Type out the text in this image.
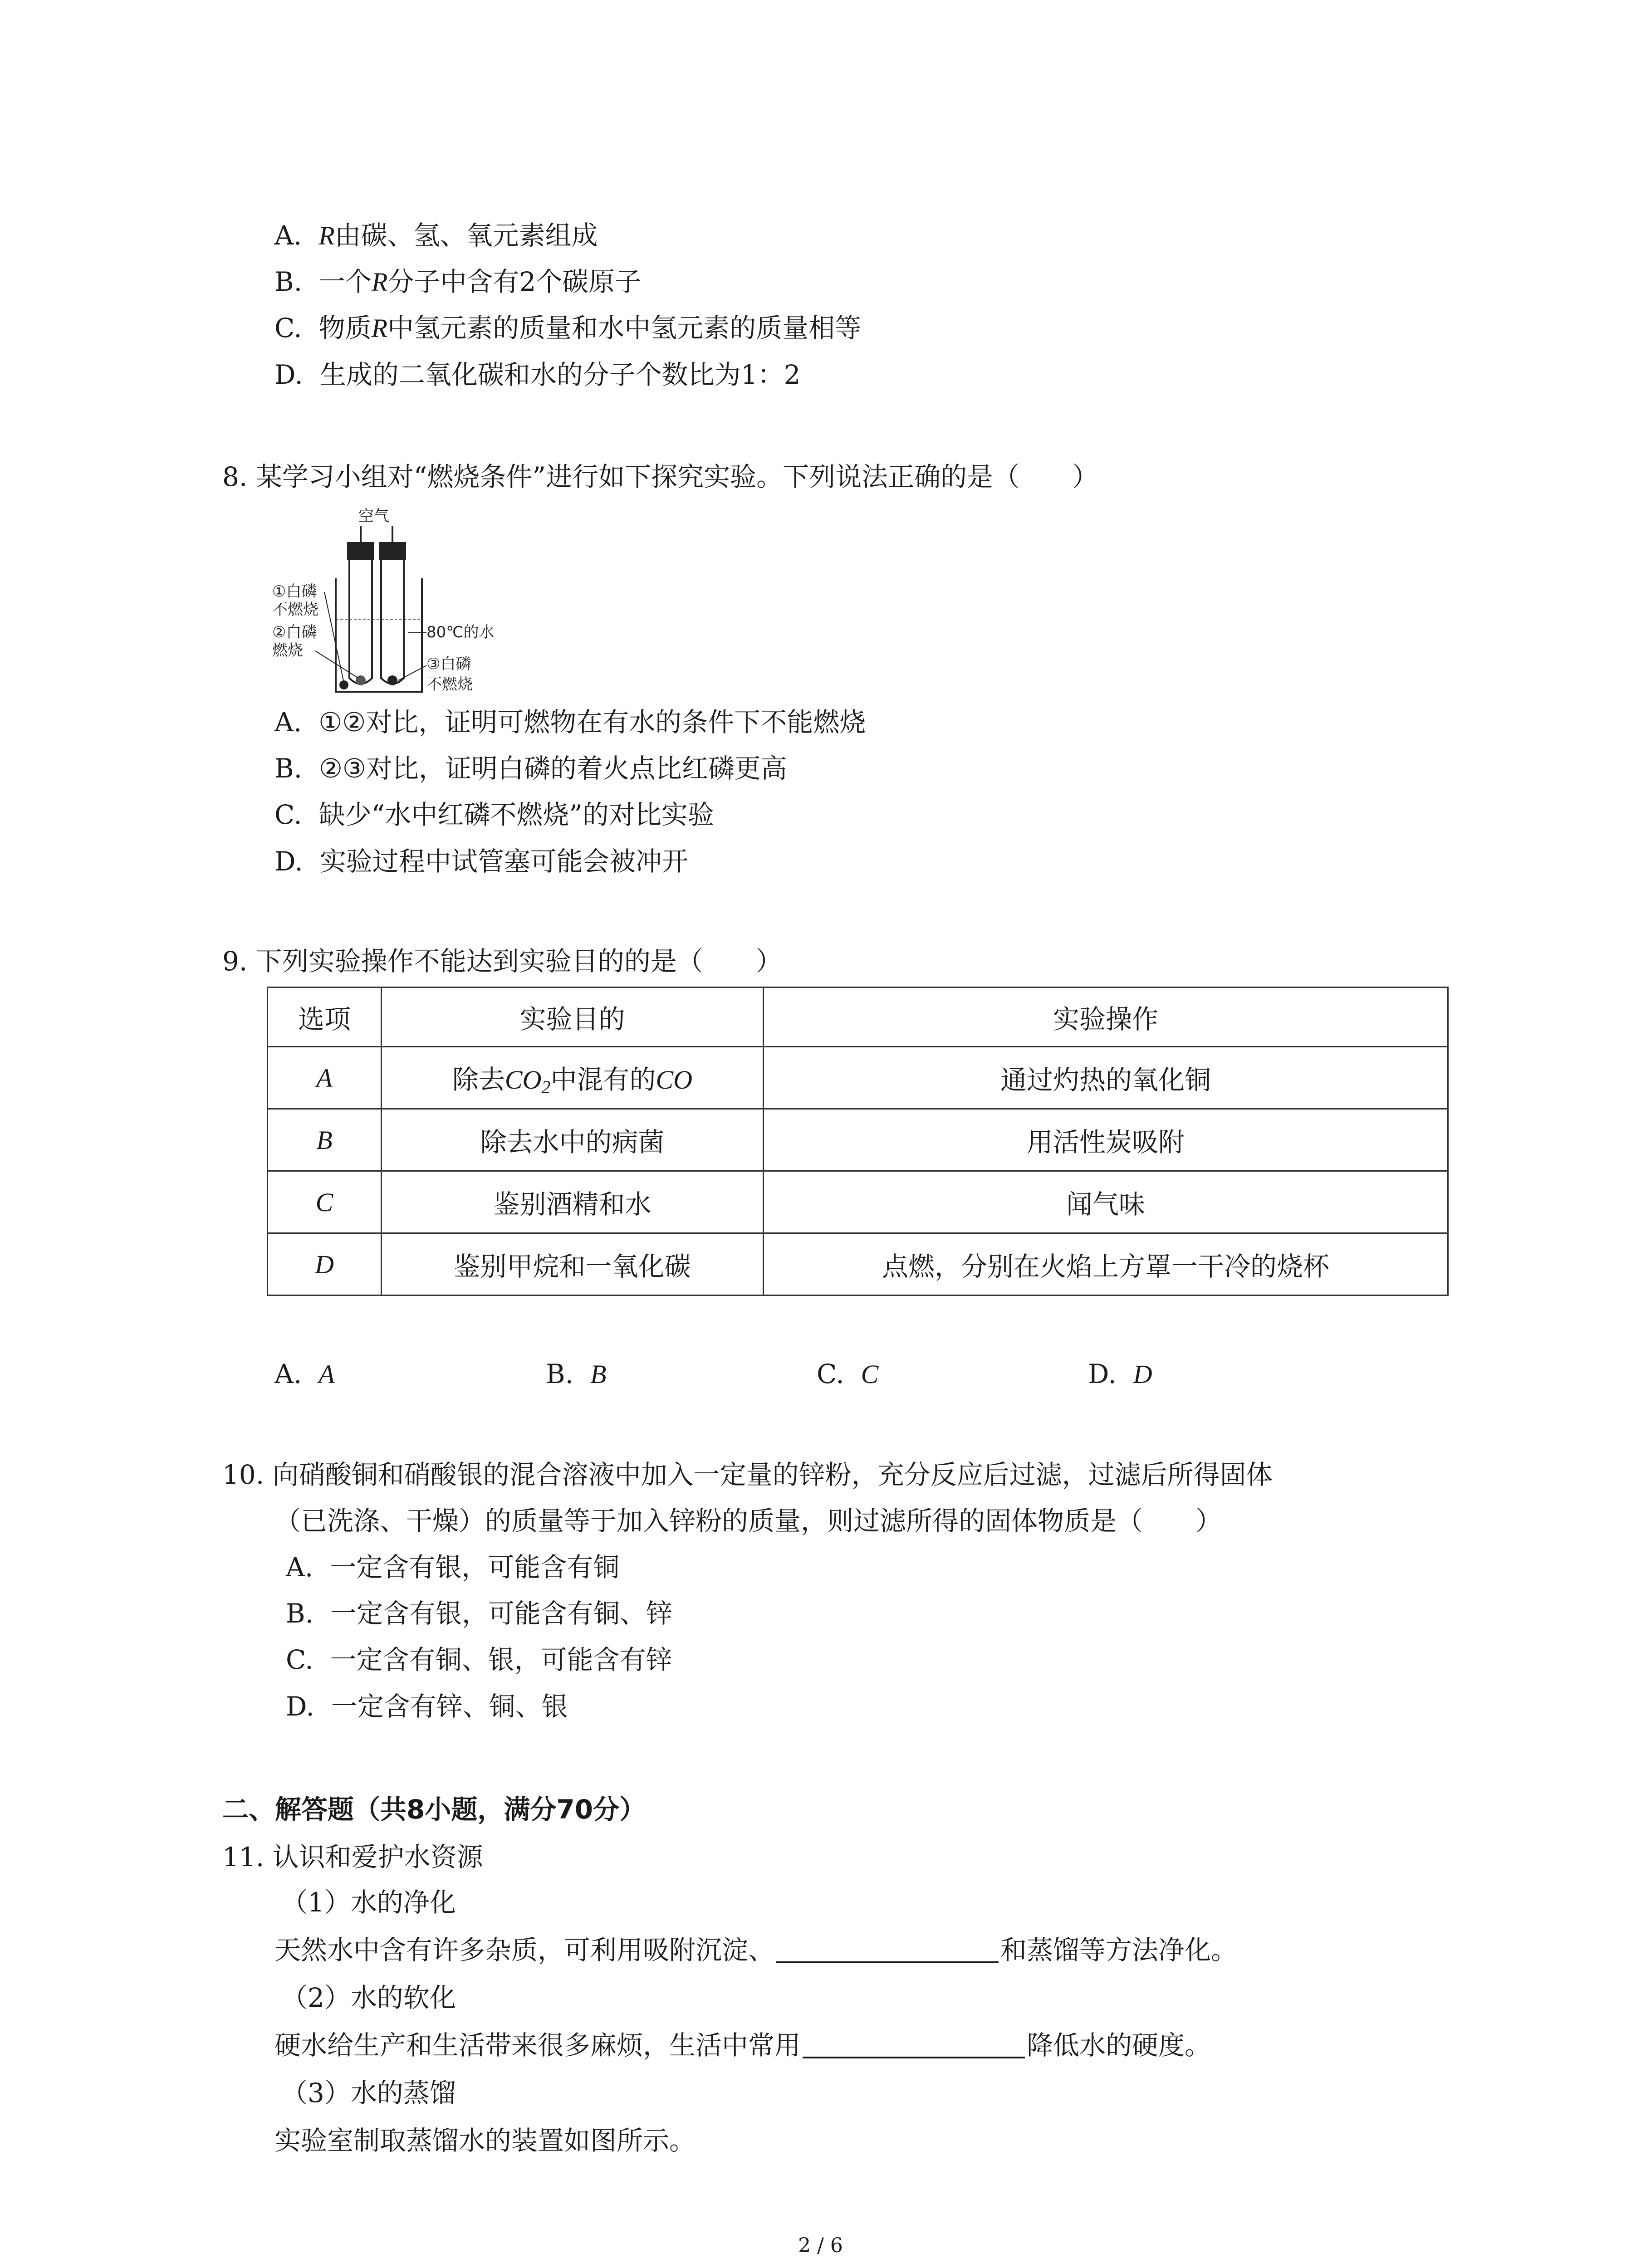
A. R由碳、氢、氧元素组成
B. 一个R分子中含有2个碳原子
C. 物质R中氢元素的质量和水中氢元素的质量相等
D. 生成的二氧化碳和水的分子个数比为1：2
8. 某学习小组对“燃烧条件”进行如下探究实验。下列说法正确的是（　　）
空气
①白磷
不燃烧
②白磷
燃烧
80℃的水
③白磷
不燃烧
A. ①②对比，证明可燃物在有水的条件下不能燃烧
B. ②③对比，证明白磷的着火点比红磷更高
C. 缺少“水中红磷不燃烧”的对比实验
D. 实验过程中试管塞可能会被冲开
9. 下列实验操作不能达到实验目的的是（　　）
选项	实验目的	实验操作
A	除去$CO_2$中混有的CO	通过灼热的氧化铜
B	除去水中的病菌	用活性炭吸附
C	鉴别酒精和水	闻气味
D	鉴别甲烷和一氧化碳	点燃，分别在火焰上方罩一干冷的烧杯
A. A	B. B	C. C	D. D
10. 向硝酸铜和硝酸银的混合溶液中加入一定量的锌粉，充分反应后过滤，过滤后所得固体
（已洗涤、干燥）的质量等于加入锌粉的质量，则过滤所得的固体物质是（　　）
A. 一定含有银，可能含有铜
B. 一定含有银，可能含有铜、锌
C. 一定含有铜、银，可能含有锌
D. 一定含有锌、铜、银
二、解答题（共8小题，满分70分）
11. 认识和爱护水资源
（1）水的净化
天然水中含有许多杂质，可利用吸附沉淀、	和蒸馏等方法净化。
（2）水的软化
硬水给生产和生活带来很多麻烦，生活中常用	降低水的硬度。
（3）水的蒸馏
实验室制取蒸馏水的装置如图所示。
2 / 6
